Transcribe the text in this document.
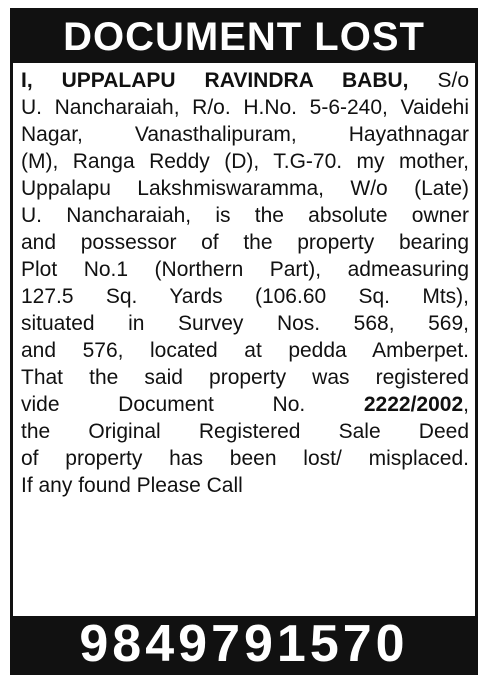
DOCUMENT LOST
I, UPPALAPU RAVINDRA BABU, S/o
U. Nancharaiah, R/o. H.No. 5-6-240, Vaidehi
Nagar, Vanasthalipuram, Hayathnagar
(M), Ranga Reddy (D), T.G-70. my mother,
Uppalapu Lakshmiswaramma, W/o (Late)
U. Nancharaiah, is the absolute owner
and possessor of the property bearing
Plot No.1 (Northern Part), admeasuring
127.5 Sq. Yards (106.60 Sq. Mts),
situated in Survey Nos. 568, 569,
and 576, located at pedda Amberpet.
That the said property was registered
vide Document No. 2222/2002,
the Original Registered Sale Deed
of property has been lost/ misplaced.
If any found Please Call
9849791570
